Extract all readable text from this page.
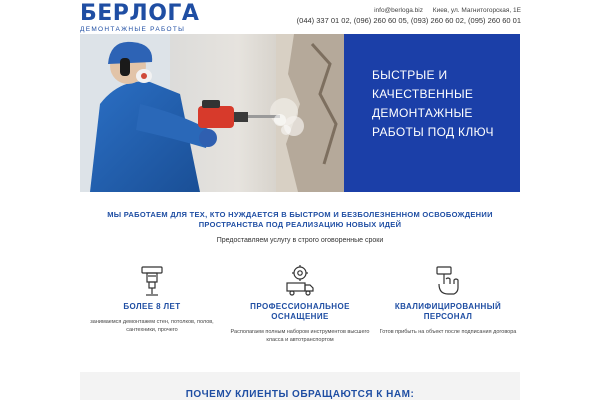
БЕРЛОГА
ДЕМОНТАЖНЫЕ РАБОТЫ
info@berloga.biz Киев, ул. Магнитогорская, 1Е
(044) 337 01 02, (096) 260 60 05, (093) 260 60 02, (095) 260 60 01
БЫСТРЫЕ И КАЧЕСТВЕННЫЕ ДЕМОНТАЖНЫЕ РАБОТЫ ПОД КЛЮЧ
МЫ РАБОТАЕМ ДЛЯ ТЕХ, КТО НУЖДАЕТСЯ В БЫСТРОМ И БЕЗБОЛЕЗНЕННОМ ОСВОБОЖДЕНИИ ПРОСТРАНСТВА ПОД РЕАЛИЗАЦИЮ НОВЫХ ИДЕЙ
Предоставляем услугу в строго оговоренные сроки
БОЛЕЕ 8 ЛЕТ
занимаемся демонтажем стен, потолков, полов, сантехники, прочего
ПРОФЕССИОНАЛЬНОЕ ОСНАЩЕНИЕ
Располагаем полным набором инструментов высшего класса и автотранспортом
КВАЛИФИЦИРОВАННЫЙ ПЕРСОНАЛ
Готов прибыть на объект после подписания договора
ПОЧЕМУ КЛИЕНТЫ ОБРАЩАЮТСЯ К НАМ:
